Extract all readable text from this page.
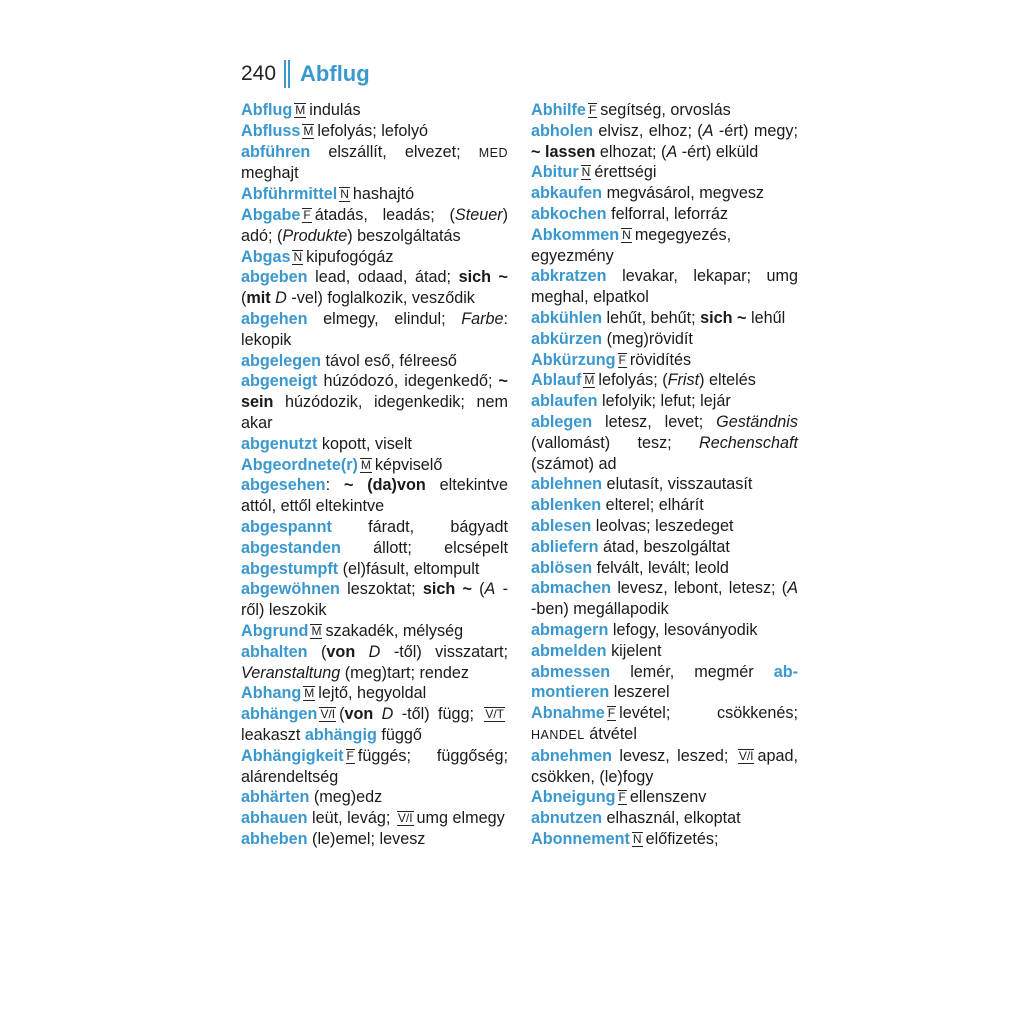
240 Abflug
Abflug M indulás
Abfluss M lefolyás; lefolyó
abführen elszállít, elvezet; MED meghajt
Abführmittel N hashajtó
Abgabe F átadás, leadás; (Steuer) adó; (Produkte) beszolgáltatás
Abgas N kipufogógáz
abgeben lead, odaad, átad; sich ~ (mit D -vel) foglalkozik, vesződik
abgehen elmegy, elindul; Farbe: lekopik
abgelegen távol eső, félreeső
abgeneigt húzódozó, idegenkedő; ~ sein húzódozik, idegenkedik; nem akar
abgenutzt kopott, viselt
Abgeordnete(r) M képviselő
abgesehen: ~ (da)von eltekintve attól, ettől eltekintve
abgespannt fáradt, bágyadt abgestanden állott; elcsépelt abgestumpft (el)fásult, eltompult
abgewöhnen leszoktat; sich ~ (A -ről) leszokik
Abgrund M szakadék, mélység
abhalten (von D -től) visszatart; Veranstaltung (meg)tart; rendez
Abhang M lejtő, hegyoldal
abhängen V/I (von D -től) függ; V/Tleakaszt abhängig függő
Abhängigkeit F függés; függőség; alárendeltség
abhärten (meg)edz
abhauen leüt, levág; V/I umg elmegy
abheben (le)emel; levesz
Abhilfe F segítség, orvoslás
abholen elvisz, elhoz; (A -ért) megy; ~ lassen elhozat; (A -ért) elküld
Abitur N érettségi
abkaufen megvásárol, megvesz
abkochen felforral, leforráz
Abkommen N megegyezés, egyezmény
abkratzen levakar, lekapar; umg meghal, elpatkol
abkühlen lehűt, behűt; sich ~ lehűl
abkürzen (meg)rövidít
Abkürzung F rövidítés
Ablauf M lefolyás; (Frist) eltelés
ablaufen lefolyik; lefut; lejár
ablegen letesz, levet; Geständnis (vallomást) tesz; Rechenschaft (számot) ad
ablehnen elutasít, visszautasít
ablenken elterel; elhárít
ablesen leolvas; leszedeget
abliefern átad, beszolgáltat
ablösen felvált, levált; leold
abmachen levesz, lebont, letesz; (A -ben) megállapodik
abmagern lefogy, lesoványodik
abmelden kijelent
abmessen lemér, megmér abmontieren leszerel
Abnahme F levétel; csökkenés; HANDEL átvétel
abnehmen levesz, leszed; V/I apad, csökken, (le)fogy
Abneigung F ellenszenv
abnutzen elhasznál, elkoptat
Abonnement N előfizetés;
